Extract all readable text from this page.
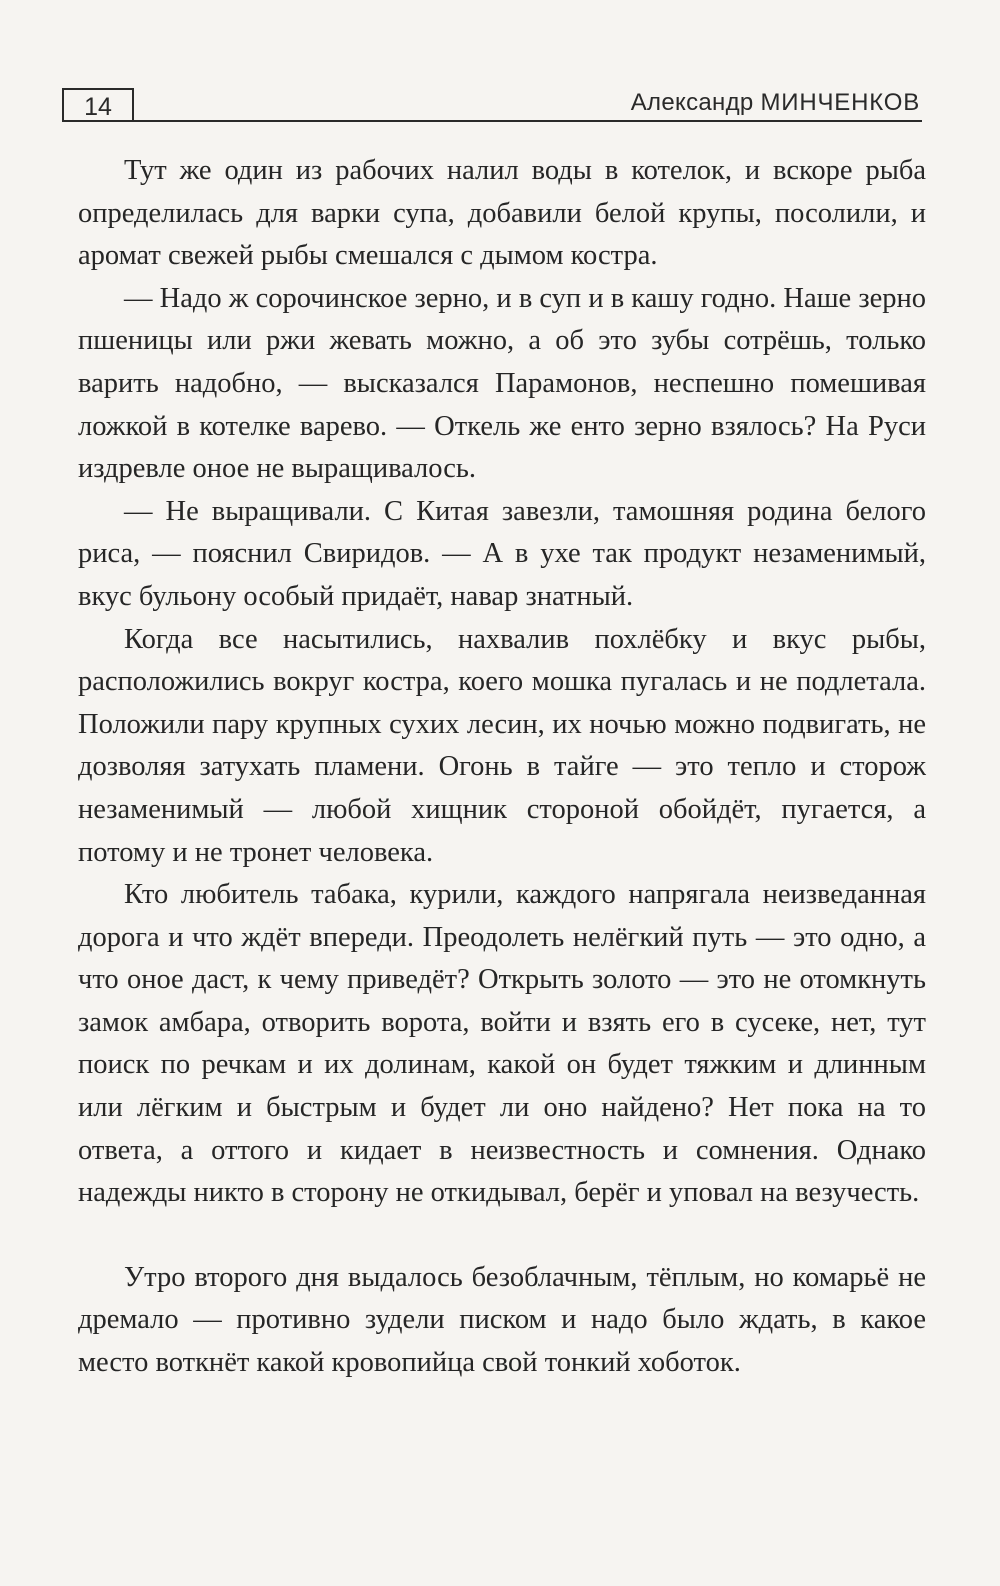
14	Александр МИНЧЕНКОВ

Тут же один из рабочих налил воды в котелок, и вскоре рыба определилась для варки супа, добавили белой крупы, посолили, и аромат свежей рыбы смешался с дымом костра.

— Надо ж сорочинское зерно, и в суп и в кашу годно. Наше зерно пшеницы или ржи жевать можно, а об это зубы сотрёшь, только варить надобно, — высказался Парамонов, неспешно помешивая ложкой в котелке варево. — Откель же енто зерно взялось? На Руси издревле оное не выращивалось.

— Не выращивали. С Китая завезли, тамошняя родина белого риса, — пояснил Свиридов. — А в ухе так продукт незаменимый, вкус бульону особый придаёт, навар знатный.

Когда все насытились, нахвалив похлёбку и вкус рыбы, расположились вокруг костра, коего мошка пугалась и не подлетала. Положили пару крупных сухих лесин, их ночью можно подвигать, не дозволяя затухать пламени. Огонь в тайге — это тепло и сторож незаменимый — любой хищник стороной обойдёт, пугается, а потому и не тронет человека.

Кто любитель табака, курили, каждого напрягала неизведанная дорога и что ждёт впереди. Преодолеть нелёгкий путь — это одно, а что оное даст, к чему приведёт? Открыть золото — это не отомкнуть замок амбара, отворить ворота, войти и взять его в сусеке, нет, тут поиск по речкам и их долинам, какой он будет тяжким и длинным или лёгким и быстрым и будет ли оно найдено? Нет пока на то ответа, а оттого и кидает в неизвестность и сомнения. Однако надежды никто в сторону не откидывал, берёг и уповал на везучесть.

Утро второго дня выдалось безоблачным, тёплым, но комарьё не дремало — противно зудели писком и надо было ждать, в какое место воткнёт какой кровопийца свой тонкий хоботок.
